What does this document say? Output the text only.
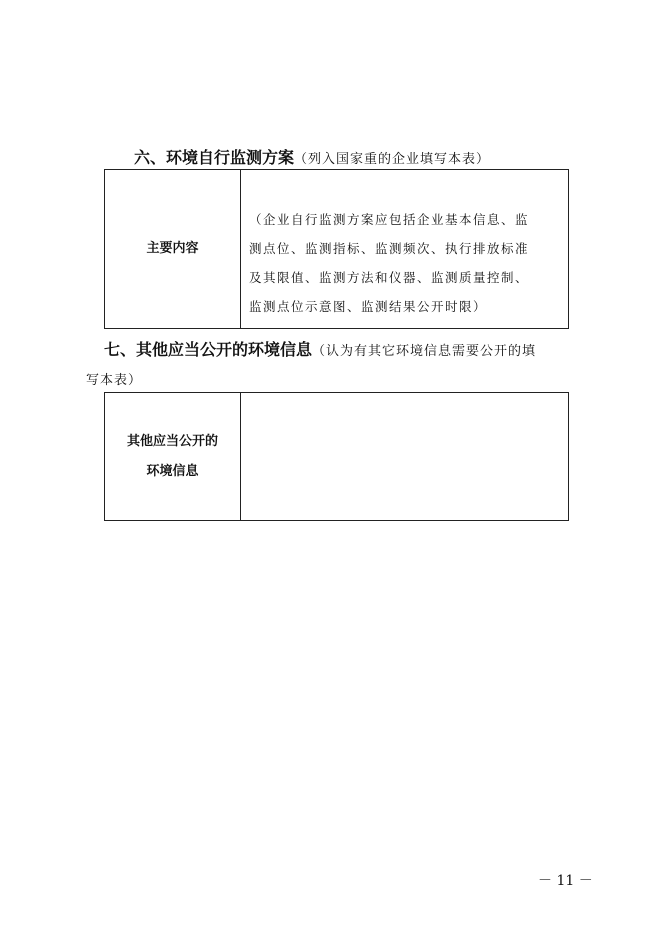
六、环境自行监测方案（列入国家重的企业填写本表）
主要内容
（企业自行监测方案应包括企业基本信息、监
测点位、监测指标、监测频次、执行排放标准
及其限值、监测方法和仪器、监测质量控制、
监测点位示意图、监测结果公开时限）
七、其他应当公开的环境信息（认为有其它环境信息需要公开的填
写本表）
其他应当公开的
环境信息
－ 11 －
